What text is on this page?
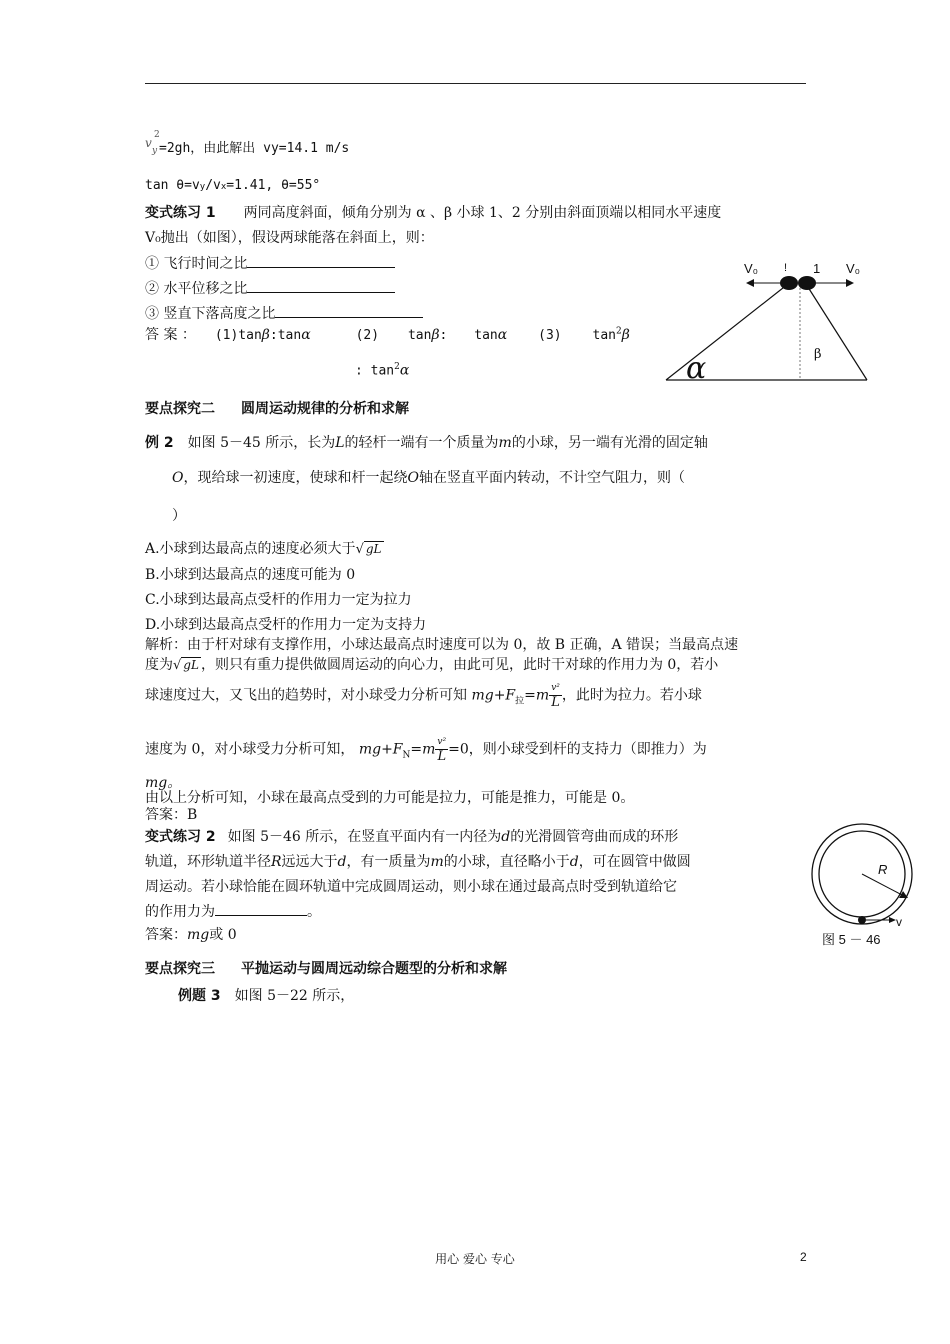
v
y
2
=2gh，由此解出 vy=14.1 m/s
tan θ=vy/vx=1.41, θ=55°
变式练习 1 两同高度斜面，倾角分别为 α 、β 小球 1、2 分别由斜面顶端以相同水平速度
V₀抛出（如图），假设两球能落在斜面上，则：
① 飞行时间之比
② 水平位移之比
③ 竖直下落高度之比
答 案 ： (1)tanβ:tanα	(2) tanβ: tanα (3) $\tan^2\beta$
: $\tan^2\alpha$
V₀ ! 1 V₀
α	β
要点探究二 圆周运动规律的分析和求解
例 2 如图 5－45 所示，长为L的轻杆一端有一个质量为m的小球，另一端有光滑的固定轴
O，现给球一初速度，使球和杆一起绕O轴在竖直平面内转动，不计空气阻力，则（
）
A.小球到达最高点的速度必须大于 √ gL
B.小球到达最高点的速度可能为 0
C.小球到达最高点受杆的作用力一定为拉力
D.小球到达最高点受杆的作用力一定为支持力
解析：由于杆对球有支撑作用，小球达最高点时速度可以为 0，故 B 正确，A 错误；当最高点速
度为 √ gL ，则只有重力提供做圆周运动的向心力，由此可见，此时干对球的作用力为 0，若小
球速度过大，又飞出的趋势时，对小球受力分析可知 $mg+F_拉=m \frac{\text{v²}}{L}$ ，此时为拉力。若小球
速度为 0，对小球受力分析可知， $mg+F_N=m \frac{\text{v²}}{L} =0$，则小球受到杆的支持力（即推力）为
mg。
由以上分析可知，小球在最高点受到的力可能是拉力，可能是推力，可能是 0。
答案：B
变式练习 2 如图 5－46 所示，在竖直平面内有一内径为d的光滑圆管弯曲而成的环形
轨道，环形轨道半径R远远大于d，有一质量为m的小球，直径略小于d，可在圆管中做圆
周运动。若小球恰能在圆环轨道中完成圆周运动，则小球在通过最高点时受到轨道给它
的作用力为	。
答案：mg或 0
R
v
图 5 － 46
要点探究三 平抛运动与圆周远动综合题型的分析和求解
例题 3 如图 5－22 所示，
用心 爱心 专心	2
